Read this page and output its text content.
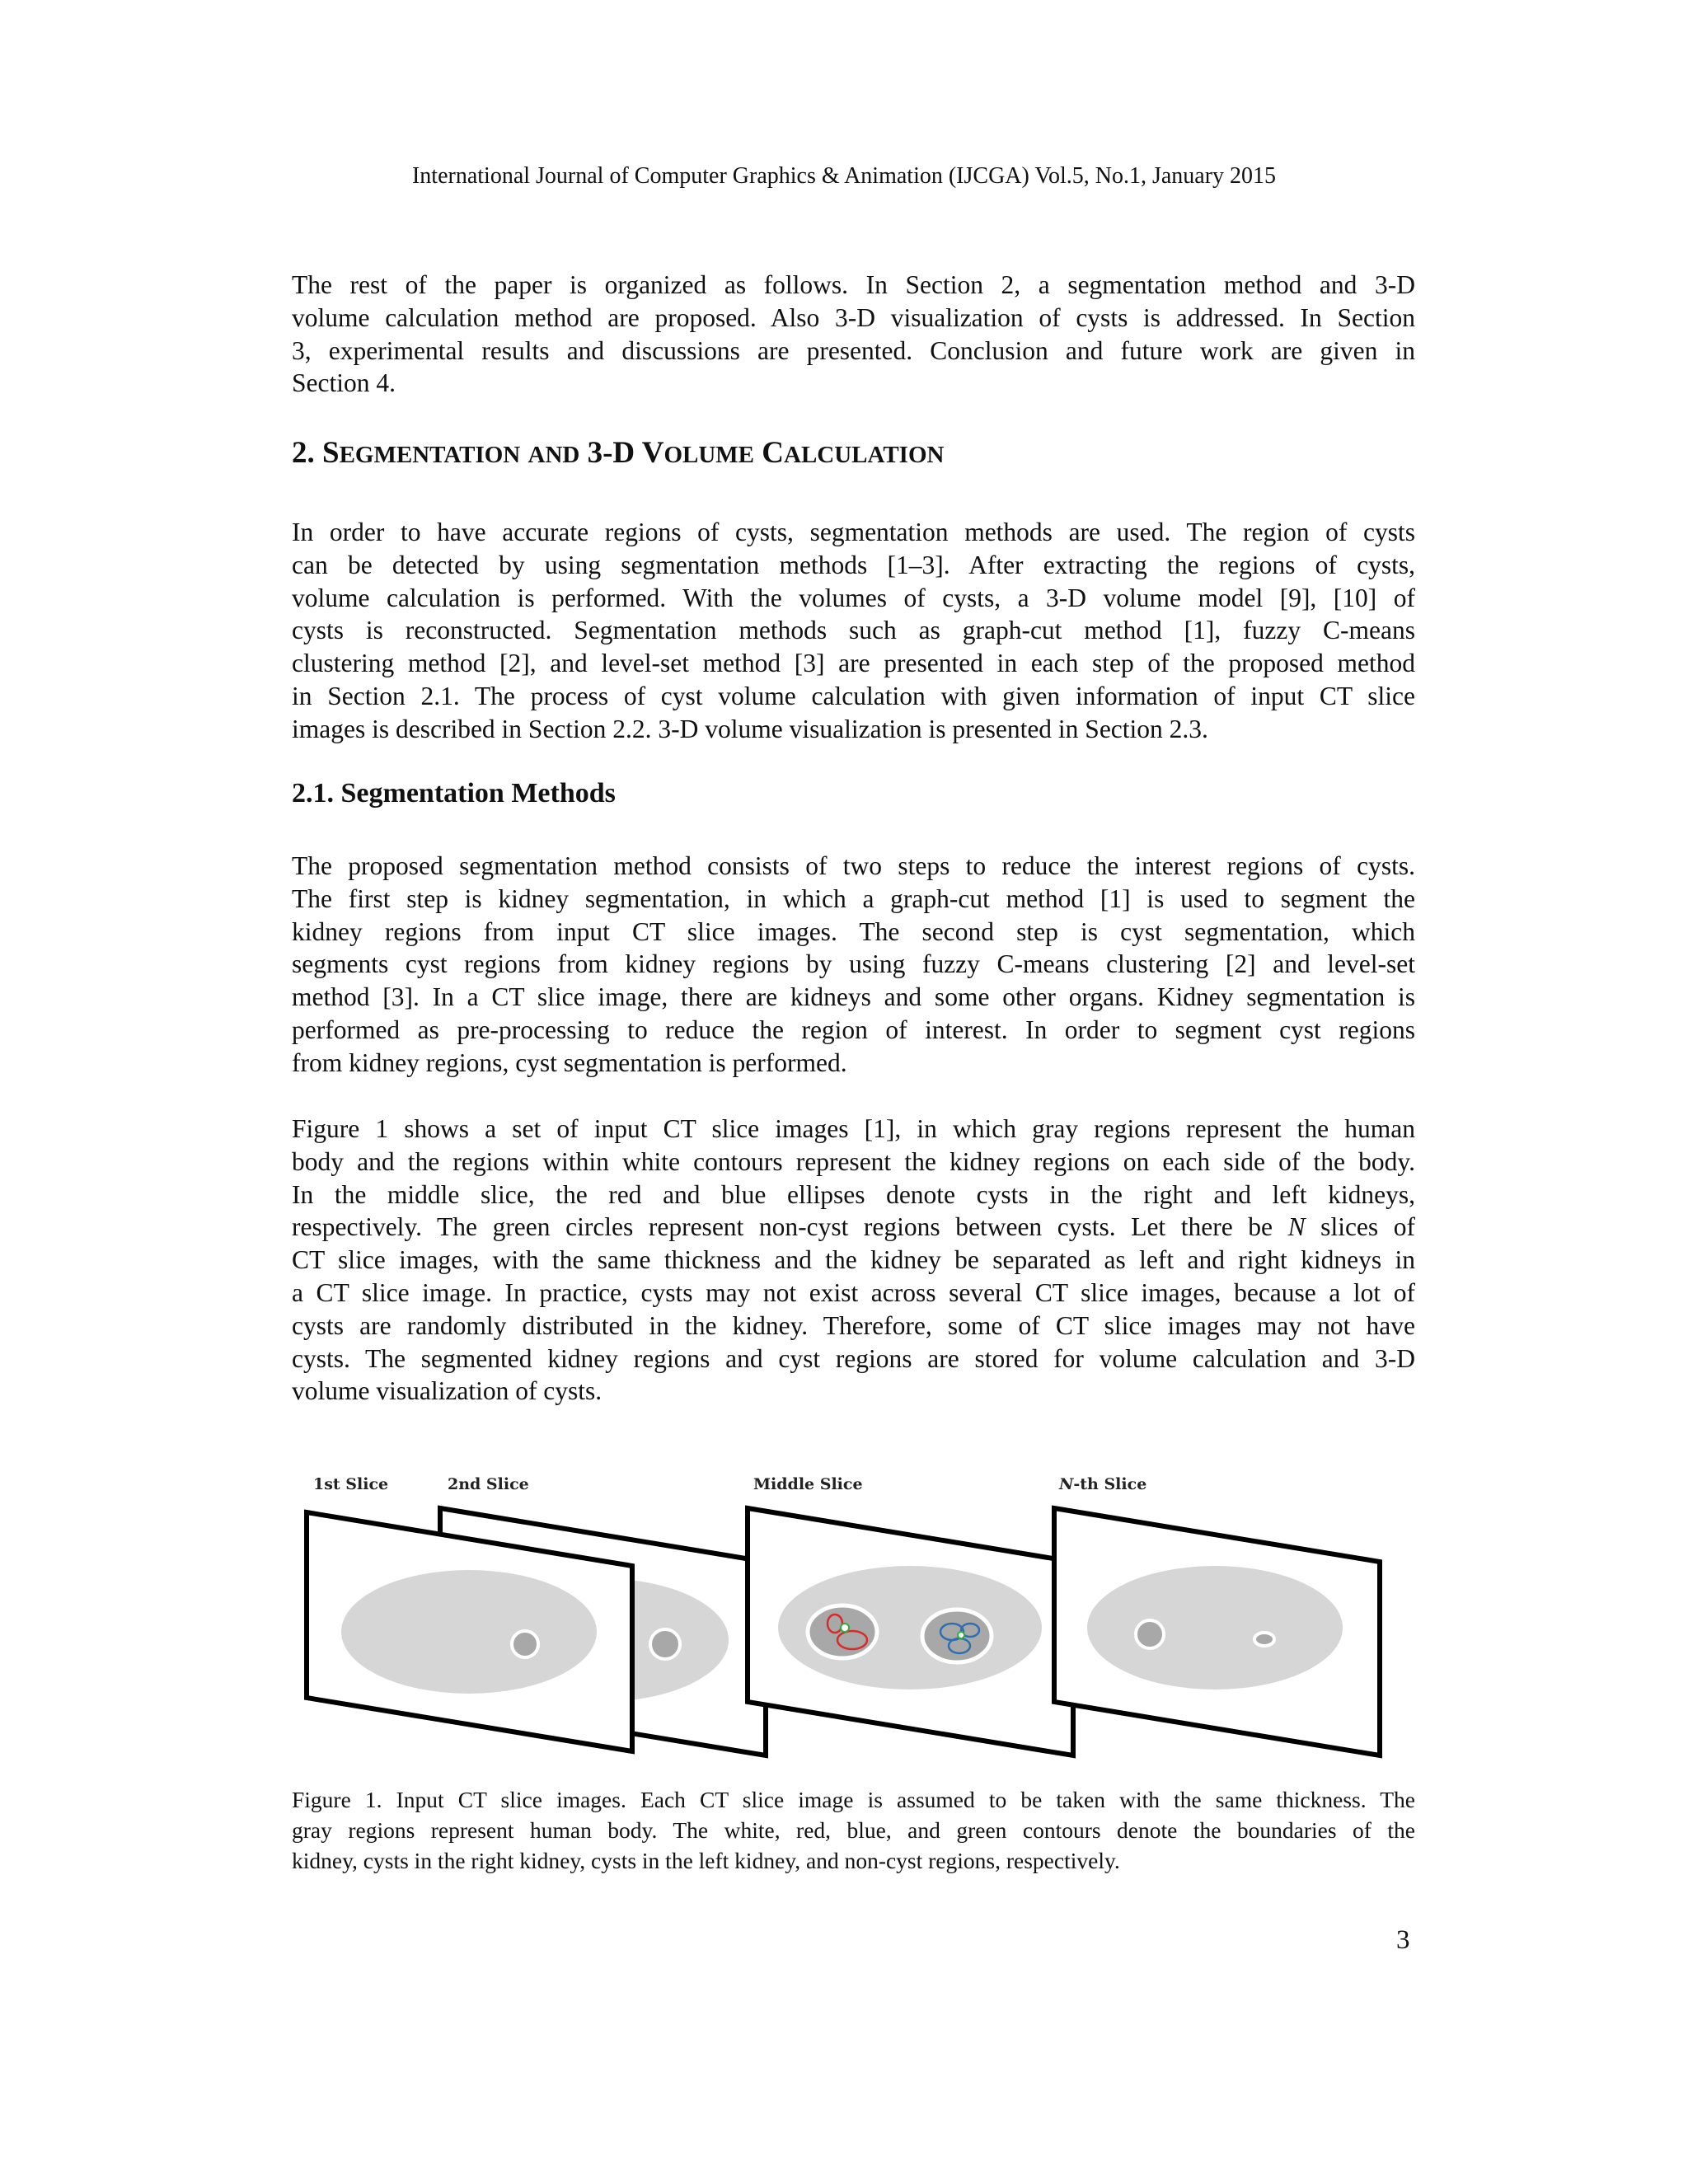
International Journal of Computer Graphics & Animation (IJCGA) Vol.5, No.1, January 2015

The rest of the paper is organized as follows. In Section 2, a segmentation method and 3-D
volume calculation method are proposed. Also 3-D visualization of cysts is addressed. In Section
3, experimental results and discussions are presented. Conclusion and future work are given in
Section 4.

2. SEGMENTATION AND 3-D VOLUME CALCULATION

In order to have accurate regions of cysts, segmentation methods are used. The region of cysts
can be detected by using segmentation methods [1–3]. After extracting the regions of cysts,
volume calculation is performed. With the volumes of cysts, a 3-D volume model [9], [10] of
cysts is reconstructed. Segmentation methods such as graph-cut method [1], fuzzy C-means
clustering method [2], and level-set method [3] are presented in each step of the proposed method
in Section 2.1. The process of cyst volume calculation with given information of input CT slice
images is described in Section 2.2. 3-D volume visualization is presented in Section 2.3.

2.1. Segmentation Methods

The proposed segmentation method consists of two steps to reduce the interest regions of cysts.
The first step is kidney segmentation, in which a graph-cut method [1] is used to segment the
kidney regions from input CT slice images. The second step is cyst segmentation, which
segments cyst regions from kidney regions by using fuzzy C-means clustering [2] and level-set
method [3]. In a CT slice image, there are kidneys and some other organs. Kidney segmentation is
performed as pre-processing to reduce the region of interest. In order to segment cyst regions
from kidney regions, cyst segmentation is performed.

Figure 1 shows a set of input CT slice images [1], in which gray regions represent the human
body and the regions within white contours represent the kidney regions on each side of the body.
In the middle slice, the red and blue ellipses denote cysts in the right and left kidneys,
respectively. The green circles represent non-cyst regions between cysts. Let there be N slices of
CT slice images, with the same thickness and the kidney be separated as left and right kidneys in
a CT slice image. In practice, cysts may not exist across several CT slice images, because a lot of
cysts are randomly distributed in the kidney. Therefore, some of CT slice images may not have
cysts. The segmented kidney regions and cyst regions are stored for volume calculation and 3-D
volume visualization of cysts.

1st Slice	2nd Slice	Middle Slice	N-th Slice

Figure 1. Input CT slice images. Each CT slice image is assumed to be taken with the same thickness. The
gray regions represent human body. The white, red, blue, and green contours denote the boundaries of the
kidney, cysts in the right kidney, cysts in the left kidney, and non-cyst regions, respectively.

3
